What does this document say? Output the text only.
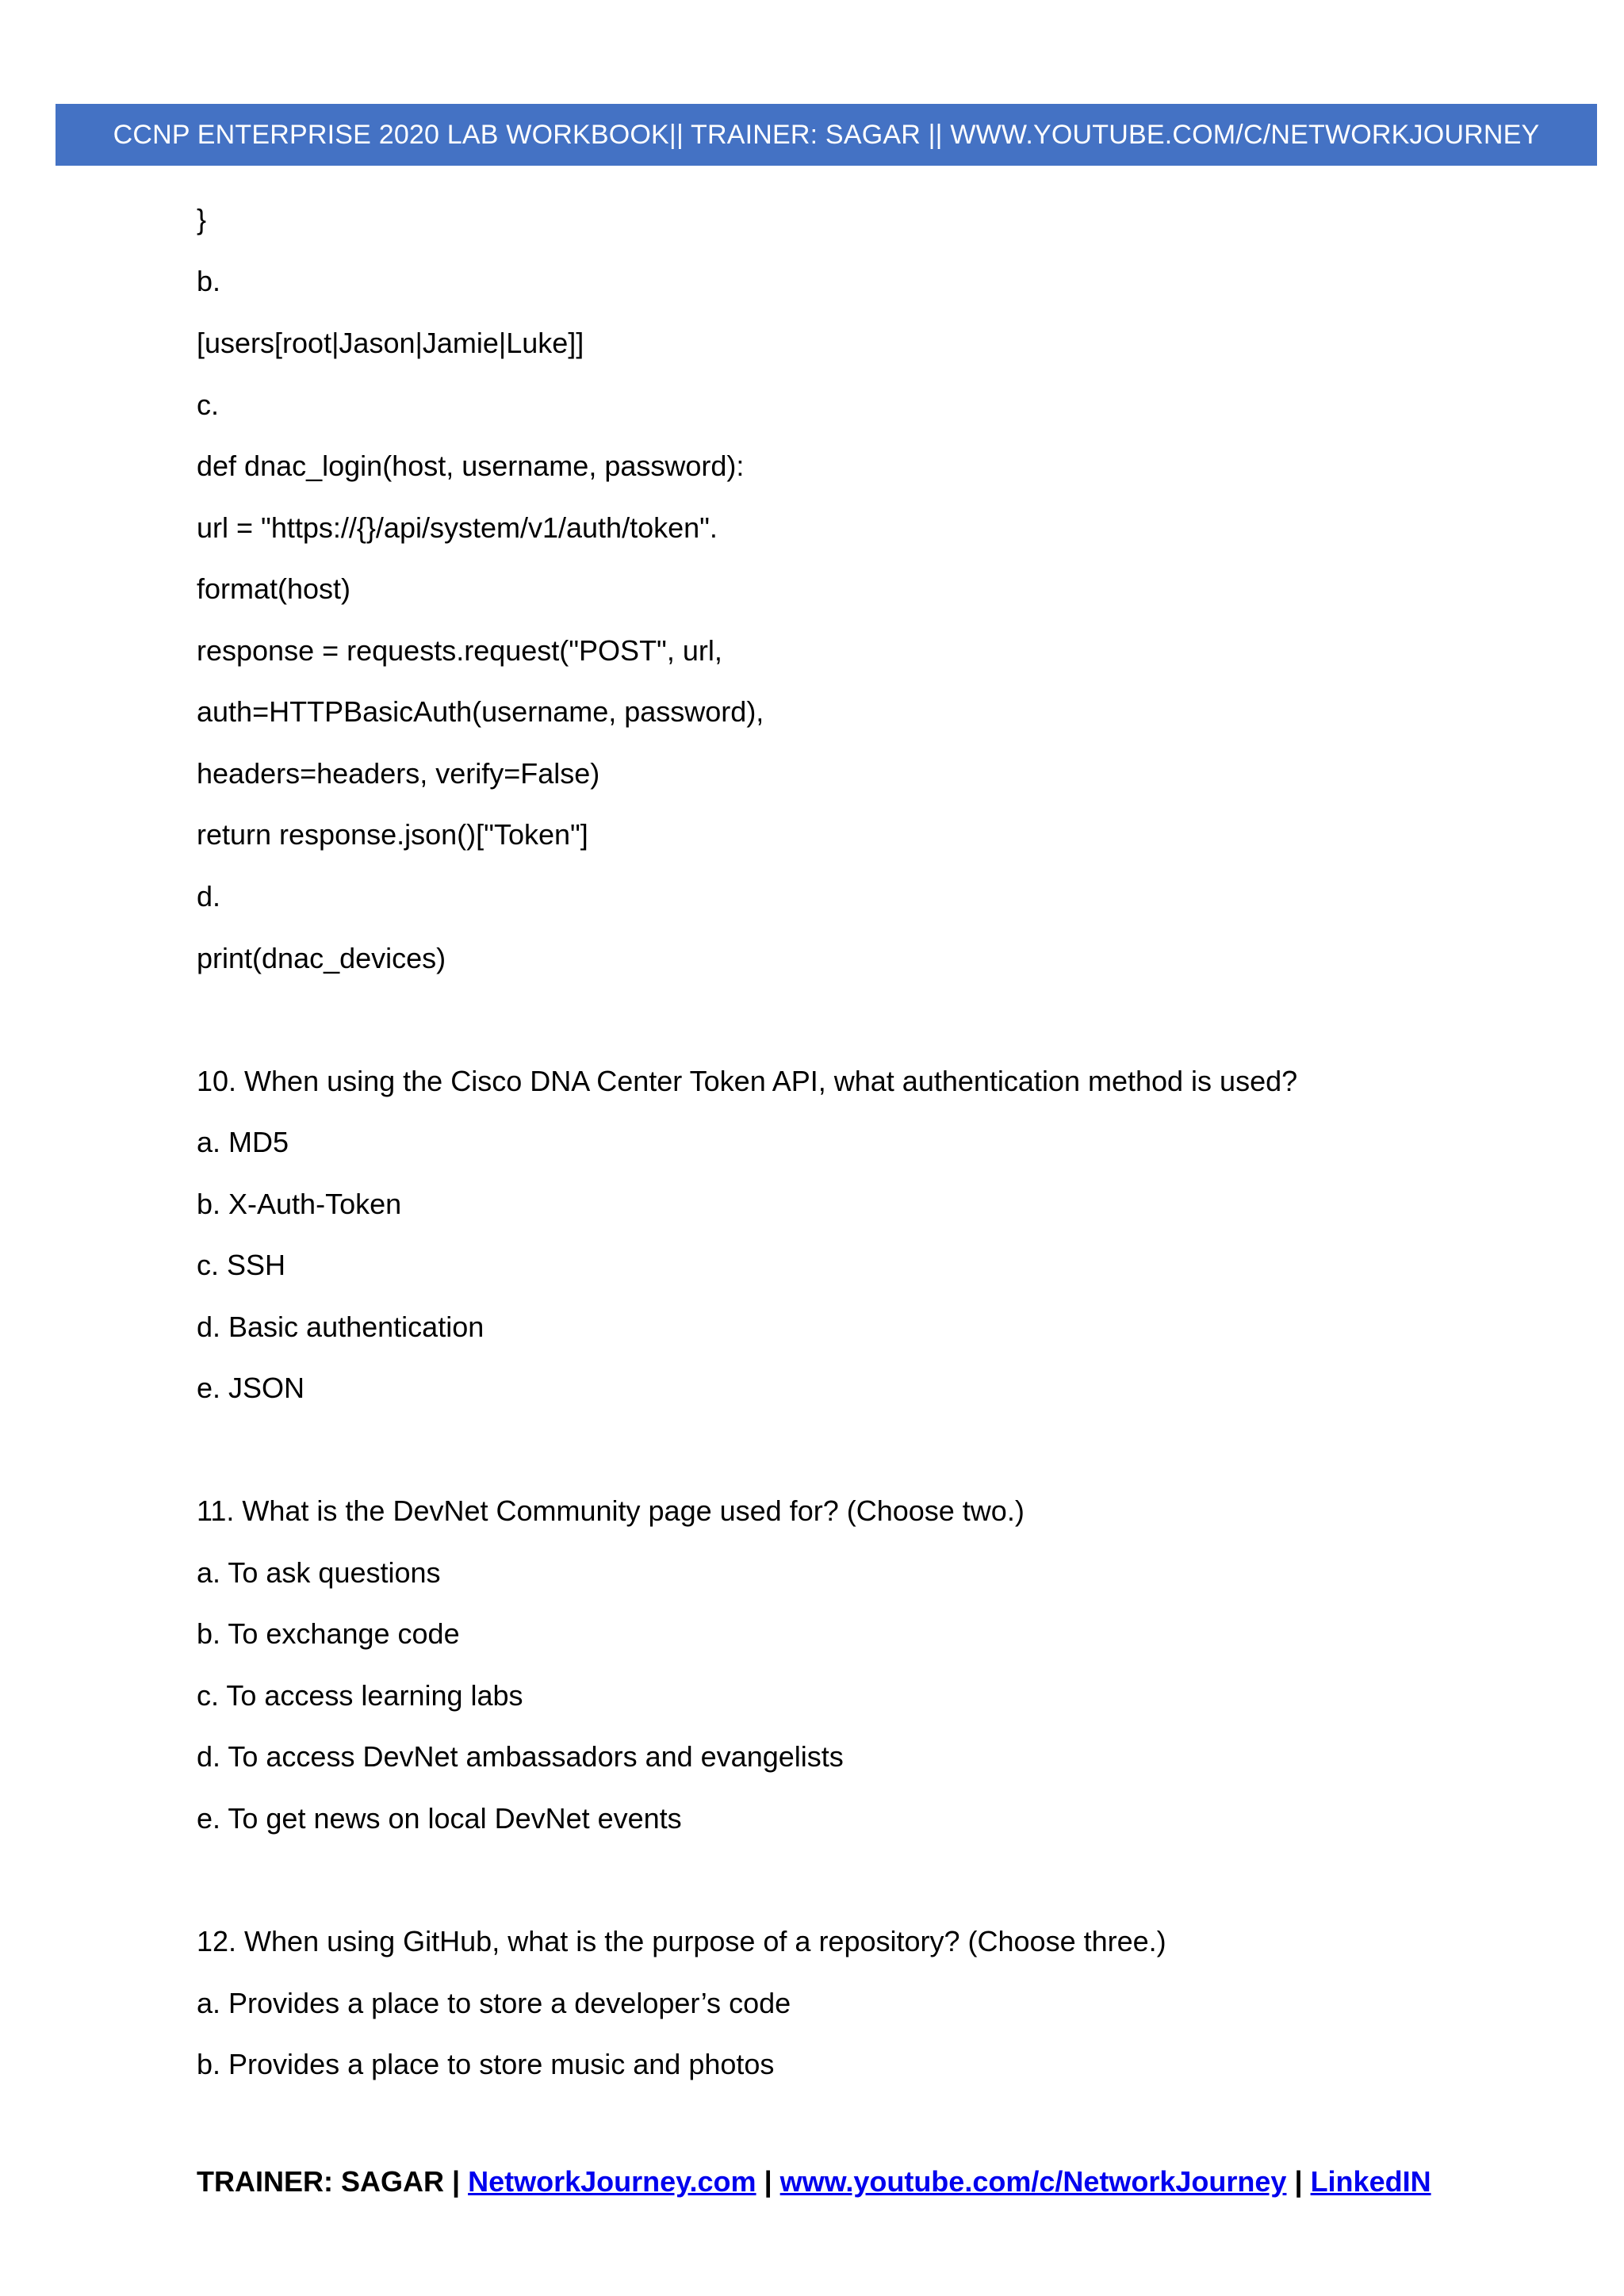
CCNP ENTERPRISE 2020 LAB WORKBOOK|| TRAINER: SAGAR || WWW.YOUTUBE.COM/C/NETWORKJOURNEY
}
b.
[users[root|Jason|Jamie|Luke]]
c.
def dnac_login(host, username, password):
url = "https://{}/api/system/v1/auth/token".
format(host)
response = requests.request("POST", url,
auth=HTTPBasicAuth(username, password),
headers=headers, verify=False)
return response.json()["Token"]
d.
print(dnac_devices)
10. When using the Cisco DNA Center Token API, what authentication method is used?
a. MD5
b. X-Auth-Token
c. SSH
d. Basic authentication
e. JSON
11. What is the DevNet Community page used for? (Choose two.)
a. To ask questions
b. To exchange code
c. To access learning labs
d. To access DevNet ambassadors and evangelists
e. To get news on local DevNet events
12. When using GitHub, what is the purpose of a repository? (Choose three.)
a. Provides a place to store a developer’s code
b. Provides a place to store music and photos
TRAINER: SAGAR | NetworkJourney.com | www.youtube.com/c/NetworkJourney | LinkedIN
